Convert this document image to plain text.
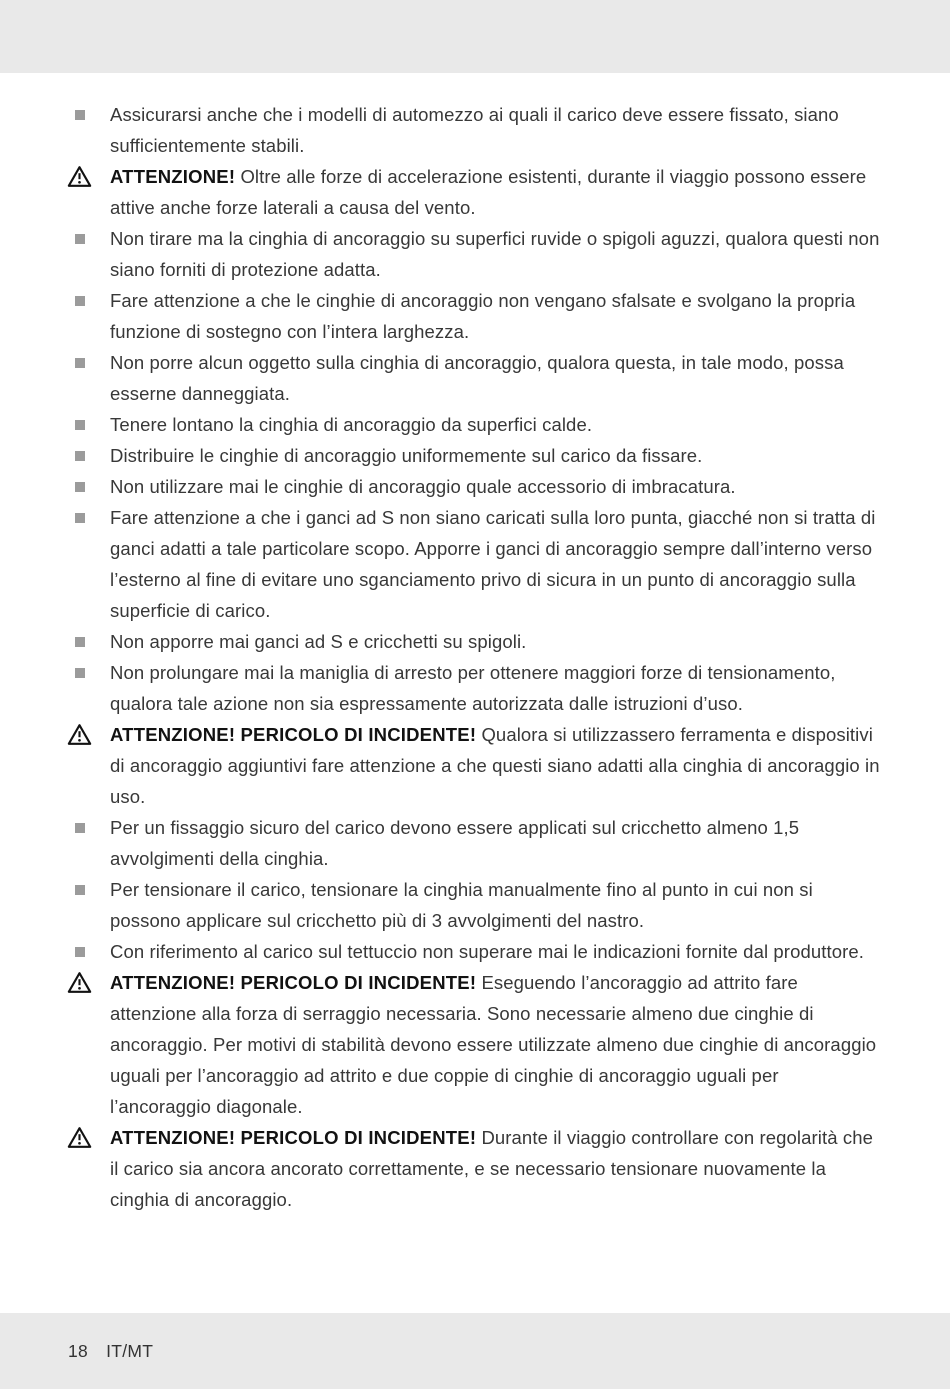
Assicurarsi anche che i modelli di automezzo ai quali il carico deve essere fissato, siano sufficientemente stabili.

ATTENZIONE! Oltre alle forze di accelerazione esistenti, durante il viaggio possono essere attive anche forze laterali a causa del vento.

Non tirare ma la cinghia di ancoraggio su superfici ruvide o spigoli aguzzi, qualora questi non siano forniti di protezione adatta.

Fare attenzione a che le cinghie di ancoraggio non vengano sfalsate e svolgano la propria funzione di sostegno con l’intera larghezza.

Non porre alcun oggetto sulla cinghia di ancoraggio, qualora questa, in tale modo, possa esserne danneggiata.

Tenere lontano la cinghia di ancoraggio da superfici calde.

Distribuire le cinghie di ancoraggio uniformemente sul carico da fissare.

Non utilizzare mai le cinghie di ancoraggio quale accessorio di imbracatura.

Fare attenzione a che i ganci ad S non siano caricati sulla loro punta, giacché non si tratta di ganci adatti a tale particolare scopo. Apporre i ganci di ancoraggio sempre dall’interno verso l’esterno al fine di evitare uno sganciamento privo di sicura in un punto di ancoraggio sulla superficie di carico.

Non apporre mai ganci ad S e cricchetti su spigoli.

Non prolungare mai la maniglia di arresto per ottenere maggiori forze di tensionamento, qualora tale azione non sia espressamente autorizzata dalle istruzioni d’uso.

ATTENZIONE! PERICOLO DI INCIDENTE! Qualora si utilizzassero ferramenta e dispositivi di ancoraggio aggiuntivi fare attenzione a che questi siano adatti alla cinghia di ancoraggio in uso.

Per un fissaggio sicuro del carico devono essere applicati sul cricchetto almeno 1,5 avvolgimenti della cinghia.

Per tensionare il carico, tensionare la cinghia manualmente fino al punto in cui non si possono applicare sul cricchetto più di 3 avvolgimenti del nastro.

Con riferimento al carico sul tettuccio non superare mai le indicazioni fornite dal produttore.

ATTENZIONE! PERICOLO DI INCIDENTE! Eseguendo l’ancoraggio ad attrito fare attenzione alla forza di serraggio necessaria. Sono necessarie almeno due cinghie di ancoraggio. Per motivi di stabilità devono essere utilizzate almeno due cinghie di ancoraggio uguali per l’ancoraggio ad attrito e due coppie di cinghie di ancoraggio uguali per l’ancoraggio diagonale.

ATTENZIONE! PERICOLO DI INCIDENTE! Durante il viaggio controllare con regolarità che il carico sia ancora ancorato correttamente, e se necessario tensionare nuovamente la cinghia di ancoraggio.

18 IT/MT
